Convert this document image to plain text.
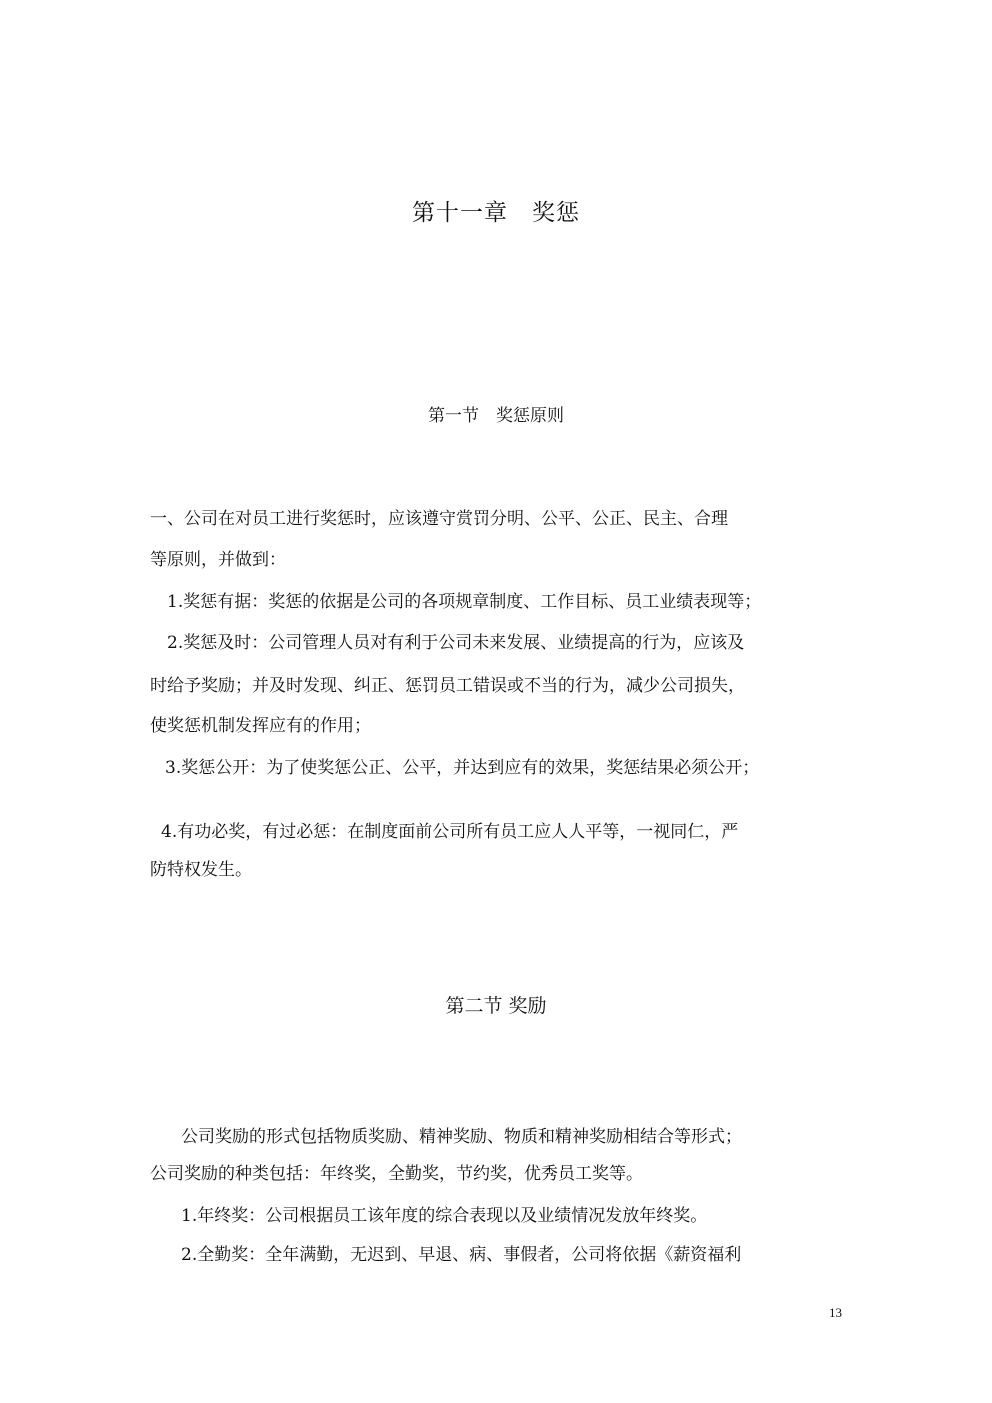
第十一章　奖惩
第一节　奖惩原则
一、公司在对员工进行奖惩时，应该遵守赏罚分明、公平、公正、民主、合理
等原则，并做到：
1.奖惩有据：奖惩的依据是公司的各项规章制度、工作目标、员工业绩表现等；
2.奖惩及时：公司管理人员对有利于公司未来发展、业绩提高的行为，应该及
时给予奖励；并及时发现、纠正、惩罚员工错误或不当的行为，减少公司损失，
使奖惩机制发挥应有的作用；
3.奖惩公开：为了使奖惩公正、公平，并达到应有的效果，奖惩结果必须公开；
4.有功必奖，有过必惩：在制度面前公司所有员工应人人平等，一视同仁，严
防特权发生。
第二节 奖励
公司奖励的形式包括物质奖励、精神奖励、物质和精神奖励相结合等形式；
公司奖励的种类包括：年终奖，全勤奖，节约奖，优秀员工奖等。
1.年终奖：公司根据员工该年度的综合表现以及业绩情况发放年终奖。
2.全勤奖：全年满勤，无迟到、早退、病、事假者，公司将依据《薪资福利
13
